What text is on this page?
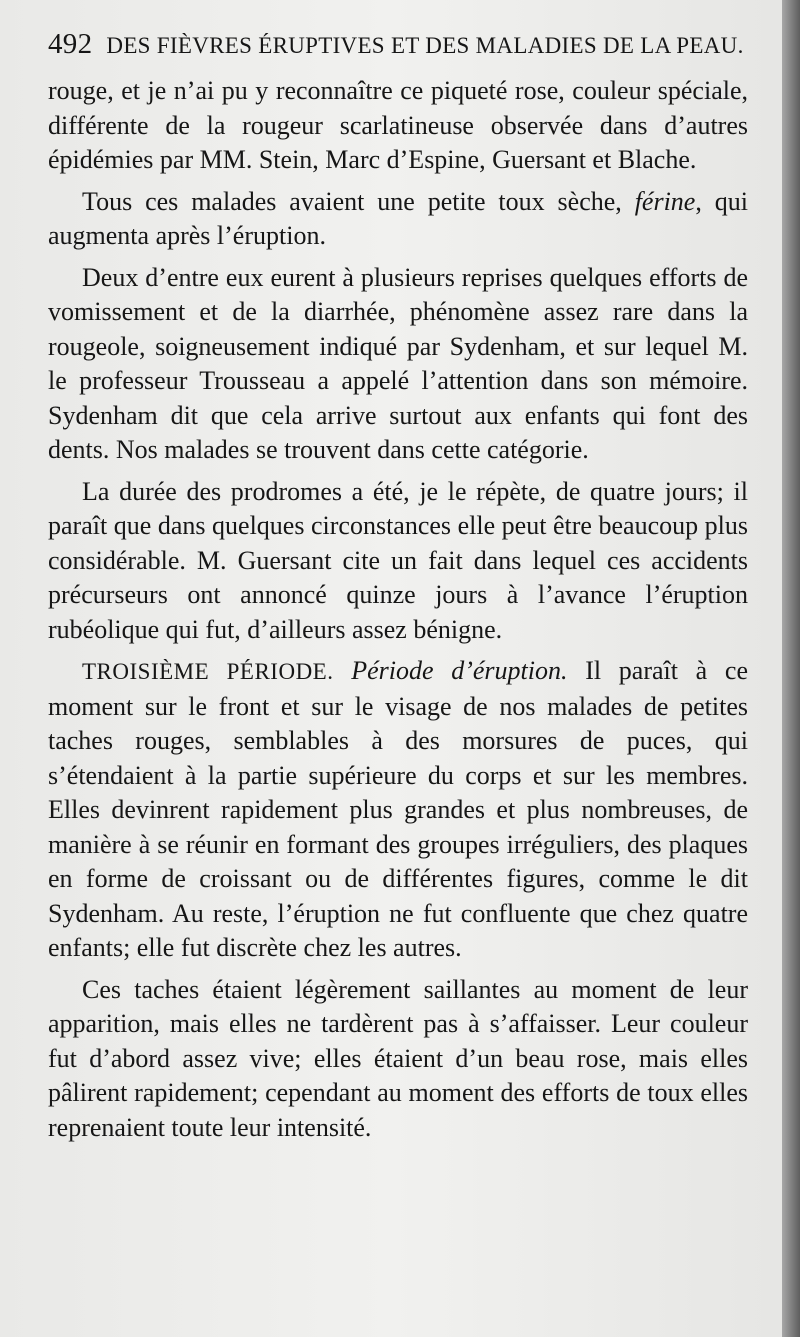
492 DES FIÈVRES ÉRUPTIVES ET DES MALADIES DE LA PEAU.

rouge, et je n’ai pu y reconnaître ce piqueté rose, couleur spéciale, différente de la rougeur scarlatineuse observée dans d’autres épidémies par MM. Stein, Marc d’Espine, Guersant et Blache.

Tous ces malades avaient une petite toux sèche, férine, qui augmenta après l’éruption.

Deux d’entre eux eurent à plusieurs reprises quelques efforts de vomissement et de la diarrhée, phénomène assez rare dans la rougeole, soigneusement indiqué par Sydenham, et sur lequel M. le professeur Trousseau a appelé l’attention dans son mémoire. Sydenham dit que cela arrive surtout aux enfants qui font des dents. Nos malades se trouvent dans cette catégorie.

La durée des prodromes a été, je le répète, de quatre jours; il paraît que dans quelques circonstances elle peut être beaucoup plus considérable. M. Guersant cite un fait dans lequel ces accidents précurseurs ont annoncé quinze jours à l’avance l’éruption rubéolique qui fut, d’ailleurs assez bénigne.

TROISIÈME PÉRIODE. Période d’éruption. Il paraît à ce moment sur le front et sur le visage de nos malades de petites taches rouges, semblables à des morsures de puces, qui s’étendaient à la partie supérieure du corps et sur les membres. Elles devinrent rapidement plus grandes et plus nombreuses, de manière à se réunir en formant des groupes irréguliers, des plaques en forme de croissant ou de différentes figures, comme le dit Sydenham. Au reste, l’éruption ne fut confluente que chez quatre enfants; elle fut discrète chez les autres.

Ces taches étaient légèrement saillantes au moment de leur apparition, mais elles ne tardèrent pas à s’affaisser. Leur couleur fut d’abord assez vive; elles étaient d’un beau rose, mais elles pâlirent rapidement; cependant au moment des efforts de toux elles reprenaient toute leur intensité.
